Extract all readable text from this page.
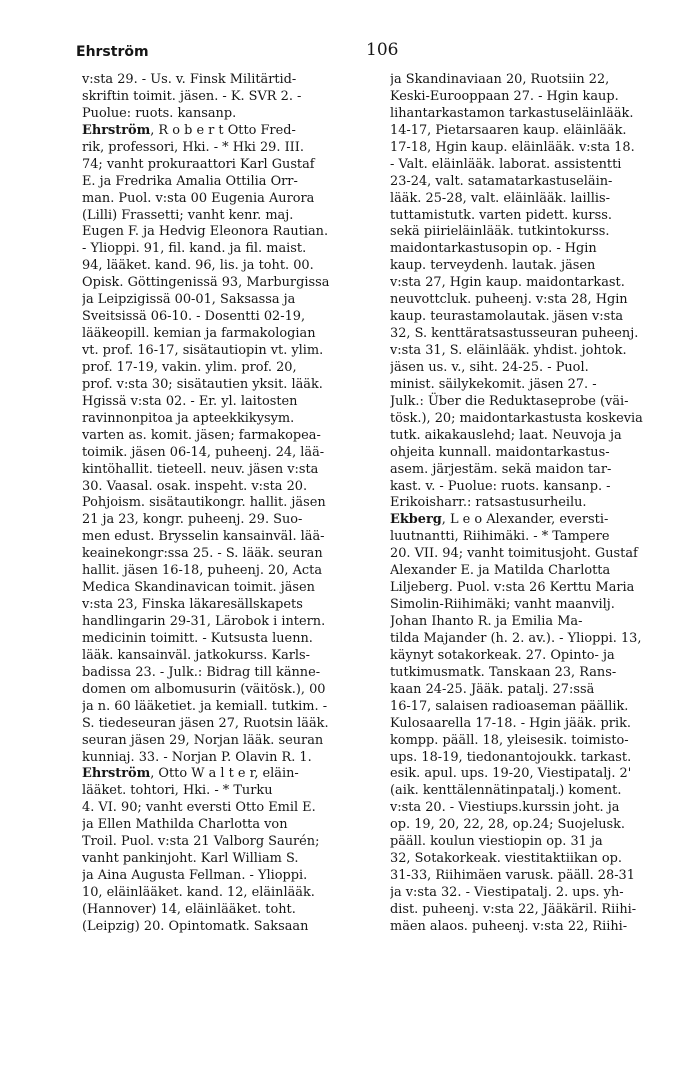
Ehrström	106
v:sta 29. - Us. v. Finsk Militärtid-
skriftin toimit. jäsen. - K. SVR 2. -
Puolue: ruots. kansanp.
Ehrström, R o b e r t Otto Fred-
rik, professori, Hki. - * Hki 29. III.
74; vanht prokuraattori Karl Gustaf
E. ja Fredrika Amalia Ottilia Orr-
man. Puol. v:sta 00 Eugenia Aurora
(Lilli) Frassetti; vanht kenr. maj.
Eugen F. ja Hedvig Eleonora Rautian.
- Ylioppi. 91, fil. kand. ja fil. maist.
94, lääket. kand. 96, lis. ja toht. 00.
Opisk. Göttingenissä 93, Marburgissa
ja Leipzigissä 00-01, Saksassa ja
Sveitsissä 06-10. - Dosentti 02-19,
lääkeopill. kemian ja farmakologian
vt. prof. 16-17, sisätautiopin vt. ylim.
prof. 17-19, vakin. ylim. prof. 20,
prof. v:sta 30; sisätautien yksit. lääk.
Hgissä v:sta 02. - Er. yl. laitosten
ravinnonpitoa ja apteekkikysym.
varten as. komit. jäsen; farmakopea-
toimik. jäsen 06-14, puheenj. 24, lää-
kintöhallit. tieteell. neuv. jäsen v:sta
30. Vaasal. osak. inspeht. v:sta 20.
Pohjoism. sisätautikongr. hallit. jäsen
21 ja 23, kongr. puheenj. 29. Suo-
men edust. Brysselin kansainväl. lää-
keainekongr:ssa 25. - S. lääk. seuran
hallit. jäsen 16-18, puheenj. 20, Acta
Medica Skandinavican toimit. jäsen
v:sta 23, Finska läkaresällskapets
handlingarin 29-31, Lärobok i intern.
medicinin toimitt. - Kutsusta luenn.
lääk. kansainväl. jatkokurss. Karls-
badissa 23. - Julk.: Bidrag till känne-
domen om albomusurin (väitösk.), 00
ja n. 60 lääketiet. ja kemiall. tutkim. -
S. tiedeseuran jäsen 27, Ruotsin lääk.
seuran jäsen 29, Norjan lääk. seuran
kunniaj. 33. - Norjan P. Olavin R. 1.
Ehrström, Otto W a l t e r, eläin-
lääket. tohtori, Hki. - * Turku
4. VI. 90; vanht eversti Otto Emil E.
ja Ellen Mathilda Charlotta von
Troil. Puol. v:sta 21 Valborg Saurén;
vanht pankinjoht. Karl William S.
ja Aina Augusta Fellman. - Ylioppi.
10, eläinlääket. kand. 12, eläinlääk.
(Hannover) 14, eläinlääket. toht.
(Leipzig) 20. Opintomatk. Saksaan
ja Skandinaviaan 20, Ruotsiin 22,
Keski-Eurooppaan 27. - Hgin kaup.
lihantarkastamon tarkastuseläinlääk.
14-17, Pietarsaaren kaup. eläinlääk.
17-18, Hgin kaup. eläinlääk. v:sta 18.
- Valt. eläinlääk. laborat. assistentti
23-24, valt. satamatarkastuseläin-
lääk. 25-28, valt. eläinlääk. laillis-
tuttamistutk. varten pidett. kurss.
sekä piirieläinlääk. tutkintokurss.
maidontarkastusopin op. - Hgin
kaup. terveydenh. lautak. jäsen
v:sta 27, Hgin kaup. maidontarkast.
neuvottcluk. puheenj. v:sta 28, Hgin
kaup. teurastamolautak. jäsen v:sta
32, S. kenttäratsastusseuran puheenj.
v:sta 31, S. eläinlääk. yhdist. johtok.
jäsen us. v., siht. 24-25. - Puol.
minist. säilykekomit. jäsen 27. -
Julk.: Über die Reduktaseprobe (väi-
tösk.), 20; maidontarkastusta koskevia
tutk. aikakauslehd; laat. Neuvoja ja
ohjeita kunnall. maidontarkastus-
asem. järjestäm. sekä maidon tar-
kast. v. - Puolue: ruots. kansanp. -
Erikoisharr.: ratsastusurheilu.
Ekberg, L e o Alexander, eversti-
luutnantti, Riihimäki. - * Tampere
20. VII. 94; vanht toimitusjoht. Gustaf
Alexander E. ja Matilda Charlotta
Liljeberg. Puol. v:sta 26 Kerttu Maria
Simolin-Riihimäki; vanht maanvilj.
Johan Ihanto R. ja Emilia Ma-
tilda Majander (h. 2. av.). - Ylioppi. 13,
käynyt sotakorkeak. 27. Opinto- ja
tutkimusmatk. Tanskaan 23, Rans-
kaan 24-25. Jääk. patalj. 27:ssä
16-17, salaisen radioaseman päällik.
Kulosaarella 17-18. - Hgin jääk. prik.
kompp. pääll. 18, yleisesik. toimisto-
ups. 18-19, tiedonantojoukk. tarkast.
esik. apul. ups. 19-20, Viestipatalj. 2'
(aik. kenttälennätinpatalj.) koment.
v:sta 20. - Viestiups.kurssin joht. ja
op. 19, 20, 22, 28, op.24; Suojelusk.
pääll. koulun viestiopin op. 31 ja
32, Sotakorkeak. viestitaktiikan op.
31-33, Riihimäen varusk. pääll. 28-31
ja v:sta 32. - Viestipatalj. 2. ups. yh-
dist. puheenj. v:sta 22, Jääkäril. Riihi-
mäen alaos. puheenj. v:sta 22, Riihi-
